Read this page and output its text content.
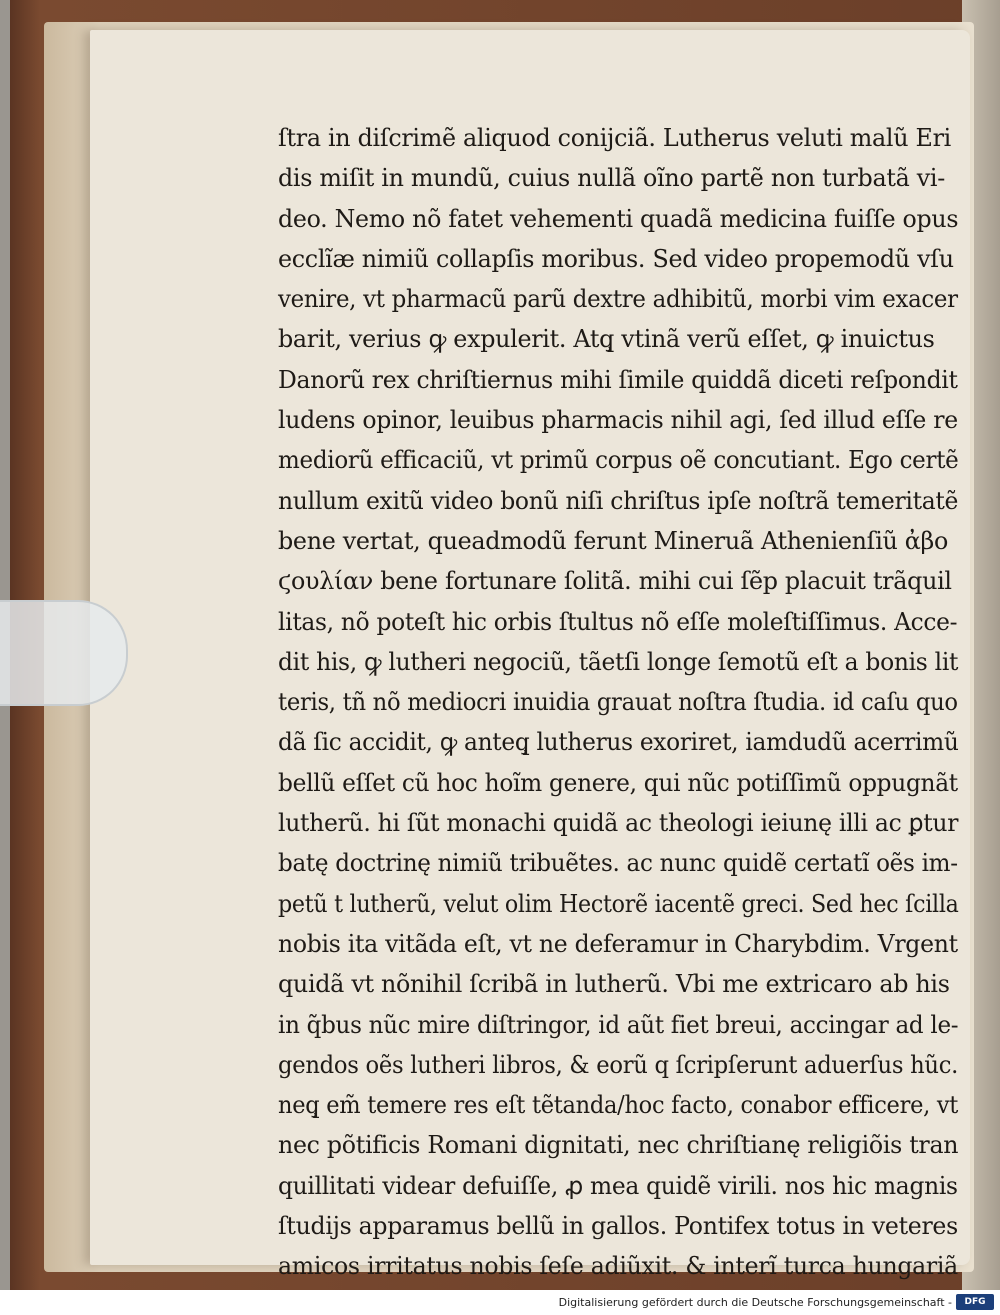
ſtra in diſcrimẽ aliquod conijciã. Lutherus veluti malũ Eri
dis miſit in mundũ, cuius nullã oĩno partẽ non turbatã vi-
deo. Nemo nõ fatet vehementi quadã medicina fuiſſe opus
ecclĩæ nimiũ collapſis moribus. Sed video propemodũ vſu
venire, vt pharmacũ parũ dextre adhibitũ, morbi vim exacer
barit, verius ꝙ expulerit. Atq̧ vtinã verũ eſſet, ꝙ inuictus
Danorũ rex chriſtiernus mihi ſimile quiddã diceti reſpondit
ludens opinor, leuibus pharmacis nihil agi, ſed illud eſſe re
mediorũ efficaciũ, vt primũ corpus oẽ concutiant. Ego certẽ
nullum exitũ video bonũ niſi chriſtus ipſe noſtrã temeritatẽ
bene vertat, queadmodũ ferunt Mineruã Athenienſiũ ἀβο
ϛουλίαν bene fortunare ſolitã. mihi cui ſẽp placuit trãquil
litas, nõ poteſt hic orbis ſtultus nõ eſſe moleſtiſſimus. Acce-
dit his, ꝙ lutheri negociũ, tãetſi longe ſemotũ eſt a bonis lit
teris, tñ nõ mediocri inuidia grauat noſtra ſtudia. id caſu quo
dã ſic accidit, ꝙ anteq̧ lutherus exoriret, iamdudũ acerrimũ
bellũ eſſet cũ hoc hoĩm genere, qui nũc potiſſimũ oppugnãt
lutherũ. hi ſũt monachi quidã ac theologi ieiunę illi ac ꝑtur
batę doctrinę nimiũ tribuẽtes. ac nunc quidẽ certatĩ oẽs im-
petũ t lutherũ, velut olim Hectorẽ iacentẽ greci. Sed hec ſcilla
nobis ita vitãda eſt, vt ne deferamur in Charybdim. Vrgent
quidã vt nõnihil ſcribã in lutherũ. Vbi me extricaro ab his
in q̃bus nũc mire diſtringor, id aũt fiet breui, accingar ad le-
gendos oẽs lutheri libros, & eorũ q ſcripſerunt aduerſus hũc.
neq̧ em̃ temere res eſt tẽtanda/hoc facto, conabor efficere, vt
nec põtificis Romani dignitati, nec chriſtianę religiõis tran
quillitati videar defuiſſe, ꝓ mea quidẽ virili. nos hic magnis
ſtudijs apparamus bellũ in gallos. Pontifex totus in veteres
amicos irritatus nobis ſeſe adiũxit. & interĩ turca hungariã
Digitalisierung gefördert durch die Deutsche Forschungsgemeinschaft -	DFG
